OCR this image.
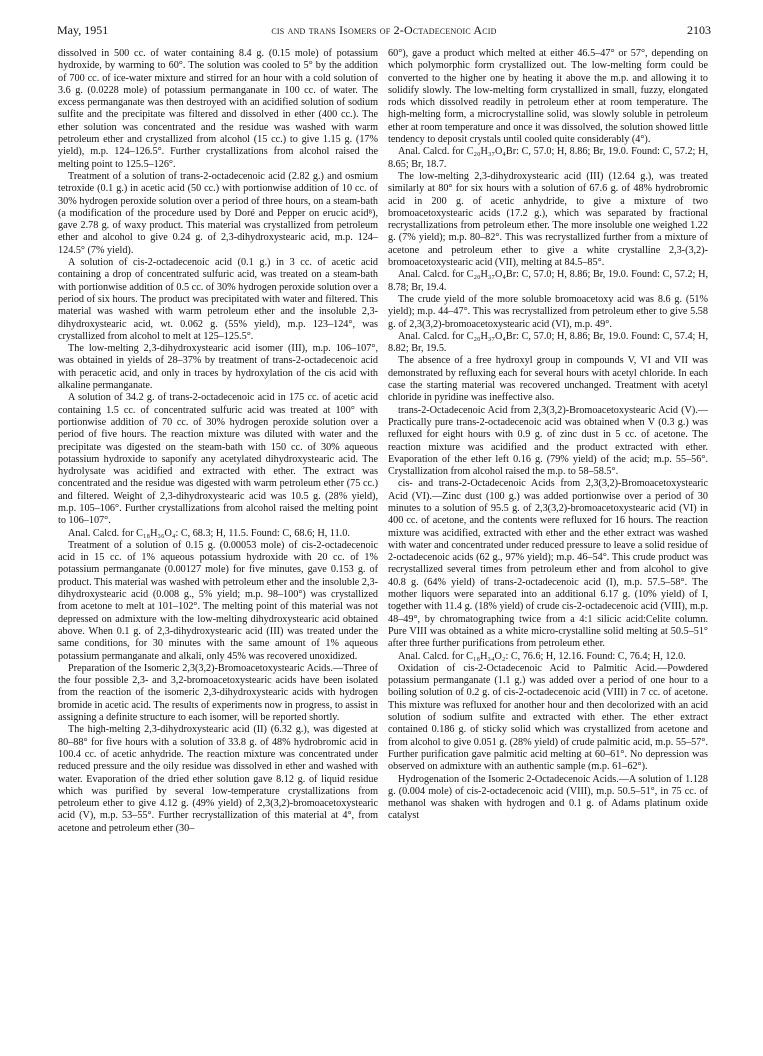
May, 1951	cis and trans Isomers of 2-Octadecenoic Acid	2103

dissolved in 500 cc. of water containing 8.4 g. (0.15 mole) of potassium hydroxide, by warming to 60°. The solution was cooled to 5° by the addition of 700 cc. of ice-water mixture and stirred for an hour with a cold solution of 3.6 g. (0.0228 mole) of potassium permanganate in 100 cc. of water. The excess permanganate was then destroyed with an acidified solution of sodium sulfite and the precipitate was filtered and dissolved in ether (400 cc.). The ether solution was concentrated and the residue was washed with warm petroleum ether and crystallized from alcohol (15 cc.) to give 1.15 g. (17% yield), m.p. 124–126.5°. Further crystallizations from alcohol raised the melting point to 125.5–126°.

Treatment of a solution of trans-2-octadecenoic acid (2.82 g.) and osmium tetroxide (0.1 g.) in acetic acid (50 cc.) with portionwise addition of 10 cc. of 30% hydrogen peroxide solution over a period of three hours, on a steam-bath (a modification of the procedure used by Doré and Pepper on erucic acid⁸), gave 2.78 g. of waxy product. This material was crystallized from petroleum ether and alcohol to give 0.24 g. of 2,3-dihydroxystearic acid, m.p. 124–124.5° (7% yield).

A solution of cis-2-octadecenoic acid (0.1 g.) in 3 cc. of acetic acid containing a drop of concentrated sulfuric acid, was treated on a steam-bath with portionwise addition of 0.5 cc. of 30% hydrogen peroxide solution over a period of six hours. The product was precipitated with water and filtered. This material was washed with warm petroleum ether and the insoluble 2,3-dihydroxystearic acid, wt. 0.062 g. (55% yield), m.p. 123–124°, was crystallized from alcohol to melt at 125–125.5°.

The low-melting 2,3-dihydroxystearic acid isomer (III), m.p. 106–107°, was obtained in yields of 28–37% by treatment of trans-2-octadecenoic acid with peracetic acid, and only in traces by hydroxylation of the cis acid with alkaline permanganate.

A solution of 34.2 g. of trans-2-octadecenoic acid in 175 cc. of acetic acid containing 1.5 cc. of concentrated sulfuric acid was treated at 100° with portionwise addition of 70 cc. of 30% hydrogen peroxide solution over a period of five hours. The reaction mixture was diluted with water and the precipitate was digested on the steam-bath with 150 cc. of 30% aqueous potassium hydroxide to saponify any acetylated dihydroxystearic acid. The hydrolysate was acidified and extracted with ether. The extract was concentrated and the residue was digested with warm petroleum ether (75 cc.) and filtered. Weight of 2,3-dihydroxystearic acid was 10.5 g. (28% yield), m.p. 105–106°. Further crystallizations from alcohol raised the melting point to 106–107°.

Anal. Calcd. for C₁₈H₃₆O₄: C, 68.3; H, 11.5. Found: C, 68.6; H, 11.0.

Treatment of a solution of 0.15 g. (0.00053 mole) of cis-2-octadecenoic acid in 15 cc. of 1% aqueous potassium hydroxide with 20 cc. of 1% potassium permanganate (0.00127 mole) for five minutes, gave 0.153 g. of product. This material was washed with petroleum ether and the insoluble 2,3-dihydroxystearic acid (0.008 g., 5% yield; m.p. 98–100°) was crystallized from acetone to melt at 101–102°. The melting point of this material was not depressed on admixture with the low-melting dihydroxystearic acid obtained above. When 0.1 g. of 2,3-dihydroxystearic acid (III) was treated under the same conditions, for 30 minutes with the same amount of 1% aqueous potassium permanganate and alkali, only 45% was recovered unoxidized.

Preparation of the Isomeric 2,3(3,2)-Bromoacetoxystearic Acids.—Three of the four possible 2,3- and 3,2-bromoacetoxystearic acids have been isolated from the reaction of the isomeric 2,3-dihydroxystearic acids with hydrogen bromide in acetic acid. The results of experiments now in progress, to assist in assigning a definite structure to each isomer, will be reported shortly.

The high-melting 2,3-dihydroxystearic acid (II) (6.32 g.), was digested at 80–88° for five hours with a solution of 33.8 g. of 48% hydrobromic acid in 100.4 cc. of acetic anhydride. The reaction mixture was concentrated under reduced pressure and the oily residue was dissolved in ether and washed with water. Evaporation of the dried ether solution gave 8.12 g. of liquid residue which was purified by several low-temperature crystallizations from petroleum ether to give 4.12 g. (49% yield) of 2,3(3,2)-bromoacetoxystearic acid (V), m.p. 53–55°. Further recrystallization of this material at 4°, from acetone and petroleum ether (30–

60°), gave a product which melted at either 46.5–47° or 57°, depending on which polymorphic form crystallized out. The low-melting form could be converted to the higher one by heating it above the m.p. and allowing it to solidify slowly. The low-melting form crystallized in small, fuzzy, elongated rods which dissolved readily in petroleum ether at room temperature. The high-melting form, a microcrystalline solid, was slowly soluble in petroleum ether at room temperature and once it was dissolved, the solution showed little tendency to deposit crystals until cooled quite considerably (4°).

Anal. Calcd. for C₂₀H₃₇O₄Br: C, 57.0; H, 8.86; Br, 19.0. Found: C, 57.2; H, 8.65; Br, 18.7.

The low-melting 2,3-dihydroxystearic acid (III) (12.64 g.), was treated similarly at 80° for six hours with a solution of 67.6 g. of 48% hydrobromic acid in 200 g. of acetic anhydride, to give a mixture of two bromoacetoxystearic acids (17.2 g.), which was separated by fractional recrystallizations from petroleum ether. The more insoluble one weighed 1.22 g. (7% yield); m.p. 80–82°. This was recrystallized further from a mixture of acetone and petroleum ether to give a white crystalline 2,3-(3,2)-bromoacetoxystearic acid (VII), melting at 84.5–85°.

Anal. Calcd. for C₂₀H₃₇O₄Br: C, 57.0; H, 8.86; Br, 19.0. Found: C, 57.2; H, 8.78; Br, 19.4.

The crude yield of the more soluble bromoacetoxy acid was 8.6 g. (51% yield); m.p. 44–47°. This was recrystallized from petroleum ether to give 5.58 g. of 2,3(3,2)-bromoacetoxystearic acid (VI), m.p. 49°.

Anal. Calcd. for C₂₀H₃₇O₄Br: C, 57.0; H, 8.86; Br, 19.0. Found: C, 57.4; H, 8.82; Br, 19.5.

The absence of a free hydroxyl group in compounds V, VI and VII was demonstrated by refluxing each for several hours with acetyl chloride. In each case the starting material was recovered unchanged. Treatment with acetyl chloride in pyridine was ineffective also.

trans-2-Octadecenoic Acid from 2,3(3,2)-Bromoacetoxystearic Acid (V).—Practically pure trans-2-octadecenoic acid was obtained when V (0.3 g.) was refluxed for eight hours with 0.9 g. of zinc dust in 5 cc. of acetone. The reaction mixture was acidified and the product extracted with ether. Evaporation of the ether left 0.16 g. (79% yield) of the acid; m.p. 55–56°. Crystallization from alcohol raised the m.p. to 58–58.5°.

cis- and trans-2-Octadecenoic Acids from 2,3(3,2)-Bromoacetoxystearic Acid (VI).—Zinc dust (100 g.) was added portionwise over a period of 30 minutes to a solution of 95.5 g. of 2,3(3,2)-bromoacetoxystearic acid (VI) in 400 cc. of acetone, and the contents were refluxed for 16 hours. The reaction mixture was acidified, extracted with ether and the ether extract was washed with water and concentrated under reduced pressure to leave a solid residue of 2-octadecenoic acids (62 g., 97% yield); m.p. 46–54°. This crude product was recrystallized several times from petroleum ether and from alcohol to give 40.8 g. (64% yield) of trans-2-octadecenoic acid (I), m.p. 57.5–58°. The mother liquors were separated into an additional 6.17 g. (10% yield) of I, together with 11.4 g. (18% yield) of crude cis-2-octadecenoic acid (VIII), m.p. 48–49°, by chromatographing twice from a 4:1 silicic acid:Celite column. Pure VIII was obtained as a white micro-crystalline solid melting at 50.5–51° after three further purifications from petroleum ether.

Anal. Calcd. for C₁₈H₃₄O₂: C, 76.6; H, 12.16. Found: C, 76.4; H, 12.0.

Oxidation of cis-2-Octadecenoic Acid to Palmitic Acid.—Powdered potassium permanganate (1.1 g.) was added over a period of one hour to a boiling solution of 0.2 g. of cis-2-octadecenoic acid (VIII) in 7 cc. of acetone. This mixture was refluxed for another hour and then decolorized with an acid solution of sodium sulfite and extracted with ether. The ether extract contained 0.186 g. of sticky solid which was crystallized from acetone and from alcohol to give 0.051 g. (28% yield) of crude palmitic acid, m.p. 55–57°. Further purification gave palmitic acid melting at 60–61°. No depression was observed on admixture with an authentic sample (m.p. 61–62°).

Hydrogenation of the Isomeric 2-Octadecenoic Acids.—A solution of 1.128 g. (0.004 mole) of cis-2-octadecenoic acid (VIII), m.p. 50.5–51°, in 75 cc. of methanol was shaken with hydrogen and 0.1 g. of Adams platinum oxide catalyst
